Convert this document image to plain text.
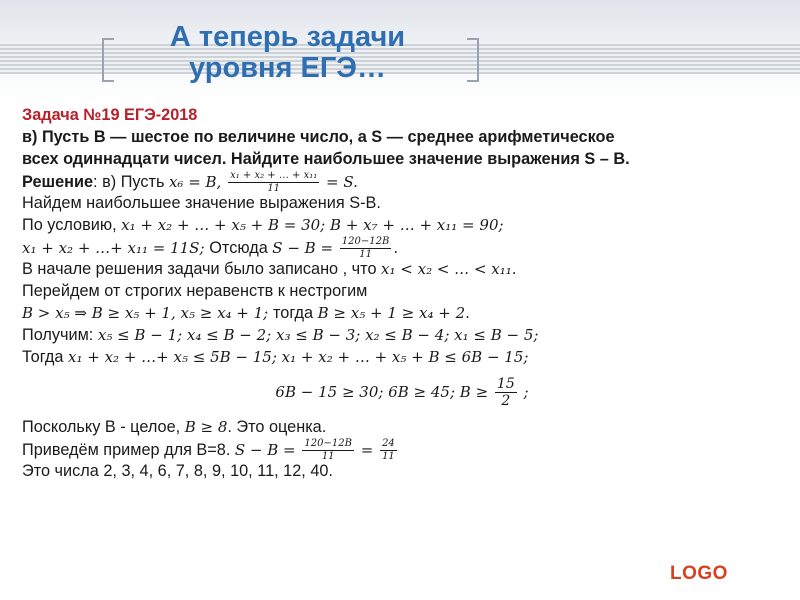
А теперь задачи
уровня ЕГЭ…
Задача №19 ЕГЭ-2018
в) Пусть B — шестое по величине число, а S — среднее арифметическое
всех одиннадцати чисел. Найдите наибольшее значение выражения S – B.
Решение: в) Пусть x₆ = B, $\frac{\text{x₁ + x₂ + … + x₁₁}}{11} = S$.
Найдем наибольшее значение выражения S-B.
По условию, x₁ + x₂ + … + x₅ + B = 30; B + x₇ + … + x₁₁ = 90;
x₁ + x₂ + …+ x₁₁ = 11S; Отсюда $S - B = \frac{120-12B}{11}$ .
В начале решения задачи было записано , что x₁ < x₂ < … < x₁₁.
Перейдем от строгих неравенств к нестрогим
B > x₅ ⇒ B ≥ x₅ + 1, x₅ ≥ x₄ + 1; тогда B ≥ x₅ + 1 ≥ x₄ + 2.
Получим: x₅ ≤ B − 1; x₄ ≤ B − 2; x₃ ≤ B − 3; x₂ ≤ B − 4; x₁ ≤ B − 5;
Тогда x₁ + x₂ + …+ x₅ ≤ 5B − 15; x₁ + x₂ + … + x₅ + B ≤ 6B − 15;
6B − 15 ≥ 30; 6B ≥ 45; $B \ge \frac{15}{2}$ ;
Поскольку В - целое, B ≥ 8. Это оценка.
Приведём пример для В=8. $S - B = \frac{120-12B}{11} = \frac{24}{11}$
Это числа 2, 3, 4, 6, 7, 8, 9, 10, 11, 12, 40.
LOGO
